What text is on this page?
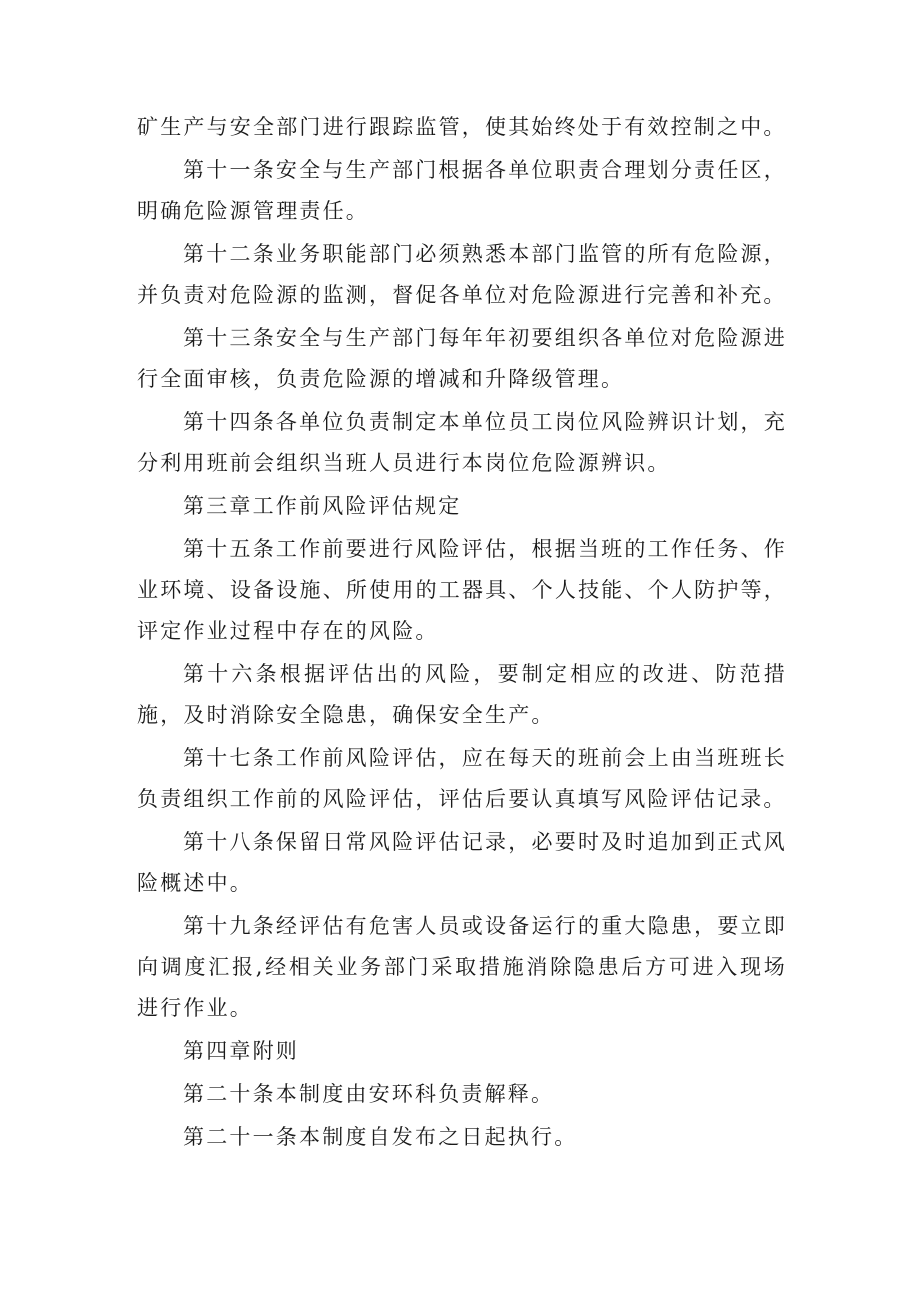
矿生产与安全部门进行跟踪监管，使其始终处于有效控制之中。

第十一条安全与生产部门根据各单位职责合理划分责任区，明确危险源管理责任。

第十二条业务职能部门必须熟悉本部门监管的所有危险源，并负责对危险源的监测，督促各单位对危险源进行完善和补充。

第十三条安全与生产部门每年年初要组织各单位对危险源进行全面审核，负责危险源的增减和升降级管理。

第十四条各单位负责制定本单位员工岗位风险辨识计划，充分利用班前会组织当班人员进行本岗位危险源辨识。

第三章工作前风险评估规定

第十五条工作前要进行风险评估，根据当班的工作任务、作业环境、设备设施、所使用的工器具、个人技能、个人防护等，评定作业过程中存在的风险。

第十六条根据评估出的风险，要制定相应的改进、防范措施，及时消除安全隐患，确保安全生产。

第十七条工作前风险评估，应在每天的班前会上由当班班长负责组织工作前的风险评估，评估后要认真填写风险评估记录。

第十八条保留日常风险评估记录，必要时及时追加到正式风险概述中。

第十九条经评估有危害人员或设备运行的重大隐患，要立即向调度汇报,经相关业务部门采取措施消除隐患后方可进入现场进行作业。

第四章附则

第二十条本制度由安环科负责解释。

第二十一条本制度自发布之日起执行。
